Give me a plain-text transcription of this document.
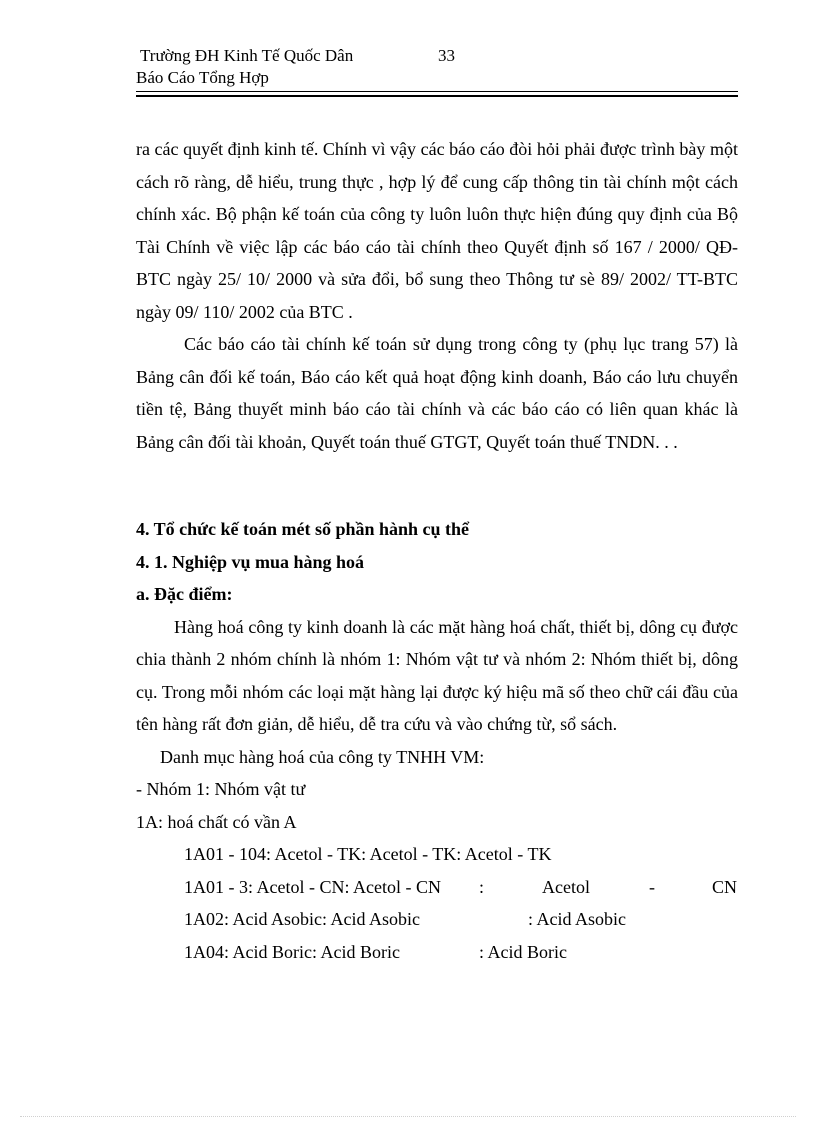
Trường ĐH Kinh Tế Quốc Dân	33
Báo Cáo Tổng Hợp

ra các quyết định kinh tế. Chính vì vậy các báo cáo đòi hỏi phải được trình bày một cách rõ ràng, dễ hiểu, trung thực , hợp lý để cung cấp thông tin tài chính một cách chính xác. Bộ phận kế toán của công ty luôn luôn thực hiện đúng quy định của Bộ Tài Chính về việc lập các báo cáo tài chính theo Quyết định số 167 / 2000/ QĐ-BTC ngày 25/ 10/ 2000 và sửa đổi, bổ sung theo Thông tư sè 89/ 2002/ TT-BTC ngày 09/ 110/ 2002 của BTC .

Các báo cáo tài chính kế toán sử dụng trong công ty (phụ lục trang 57) là Bảng cân đối kế toán, Báo cáo kết quả hoạt động kinh doanh, Báo cáo lưu chuyển tiền tệ, Bảng thuyết minh báo cáo tài chính và các báo cáo có liên quan khác là Bảng cân đối tài khoản, Quyết toán thuế GTGT, Quyết toán thuế TNDN. . .

4. Tổ chức kế toán mét số phần hành cụ thể

4. 1. Nghiệp vụ mua hàng hoá

a. Đặc điểm:

Hàng hoá công ty kinh doanh là các mặt hàng hoá chất, thiết bị, dông cụ được chia thành 2 nhóm chính là nhóm 1: Nhóm vật tư và nhóm 2: Nhóm thiết bị, dông cụ. Trong mỗi nhóm các loại mặt hàng lại được ký hiệu mã số theo chữ cái đầu của tên hàng rất đơn giản, dễ hiểu, dễ tra cứu và vào chứng từ, sổ sách.

Danh mục hàng hoá của công ty TNHH VM:

- Nhóm 1: Nhóm vật tư

1A: hoá chất có vần A

1A01 - 104: Acetol - TK: Acetol - TK: Acetol - TK
1A01 - 3: Acetol - CN: Acetol - CN :	Acetol	-	CN
1A02: Acid Asobic: Acid Asobic	: Acid Asobic
1A04: Acid Boric: Acid Boric	: Acid Boric
